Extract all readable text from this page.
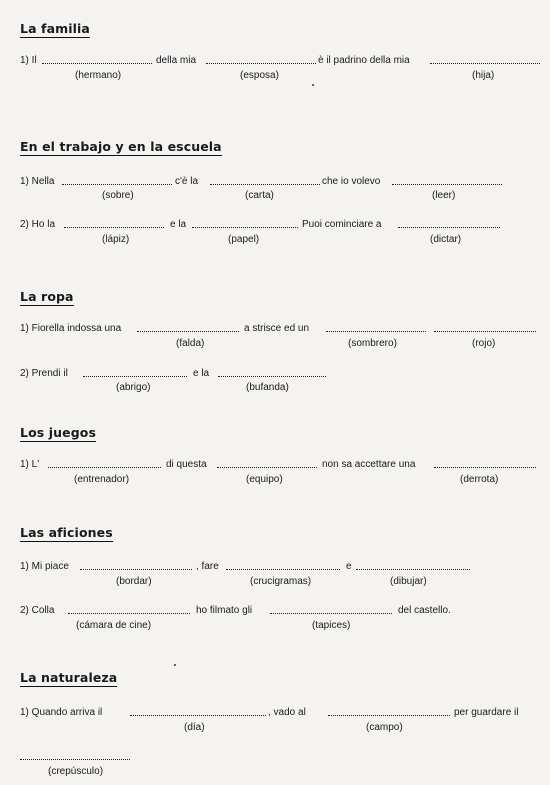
La familia
1) Il	della mia	è il padrino della mia
(hermano)	(esposa)	(hija)
En el trabajo y en la escuela
1) Nella	c'è la	che io volevo
(sobre)	(carta)	(leer)
2) Ho la	e la	Puoi cominciare a
(lápiz)	(papel)	(dictar)
La ropa
1) Fiorella indossa una	a strisce ed un
(falda)	(sombrero)	(rojo)
2) Prendi il	e la
(abrigo)	(bufanda)
Los juegos
1) L'	di questa	non sa accettare una
(entrenador)	(equipo)	(derrota)
Las aficiones
1) Mi piace	, fare	e
(bordar)	(crucigramas)	(dibujar)
2) Colla	ho filmato gli	del castello.
(cámara de cine)	(tapices)
La naturaleza
1) Quando arriva il	, vado al	per guardare il
(día)	(campo)
(crepúsculo)
